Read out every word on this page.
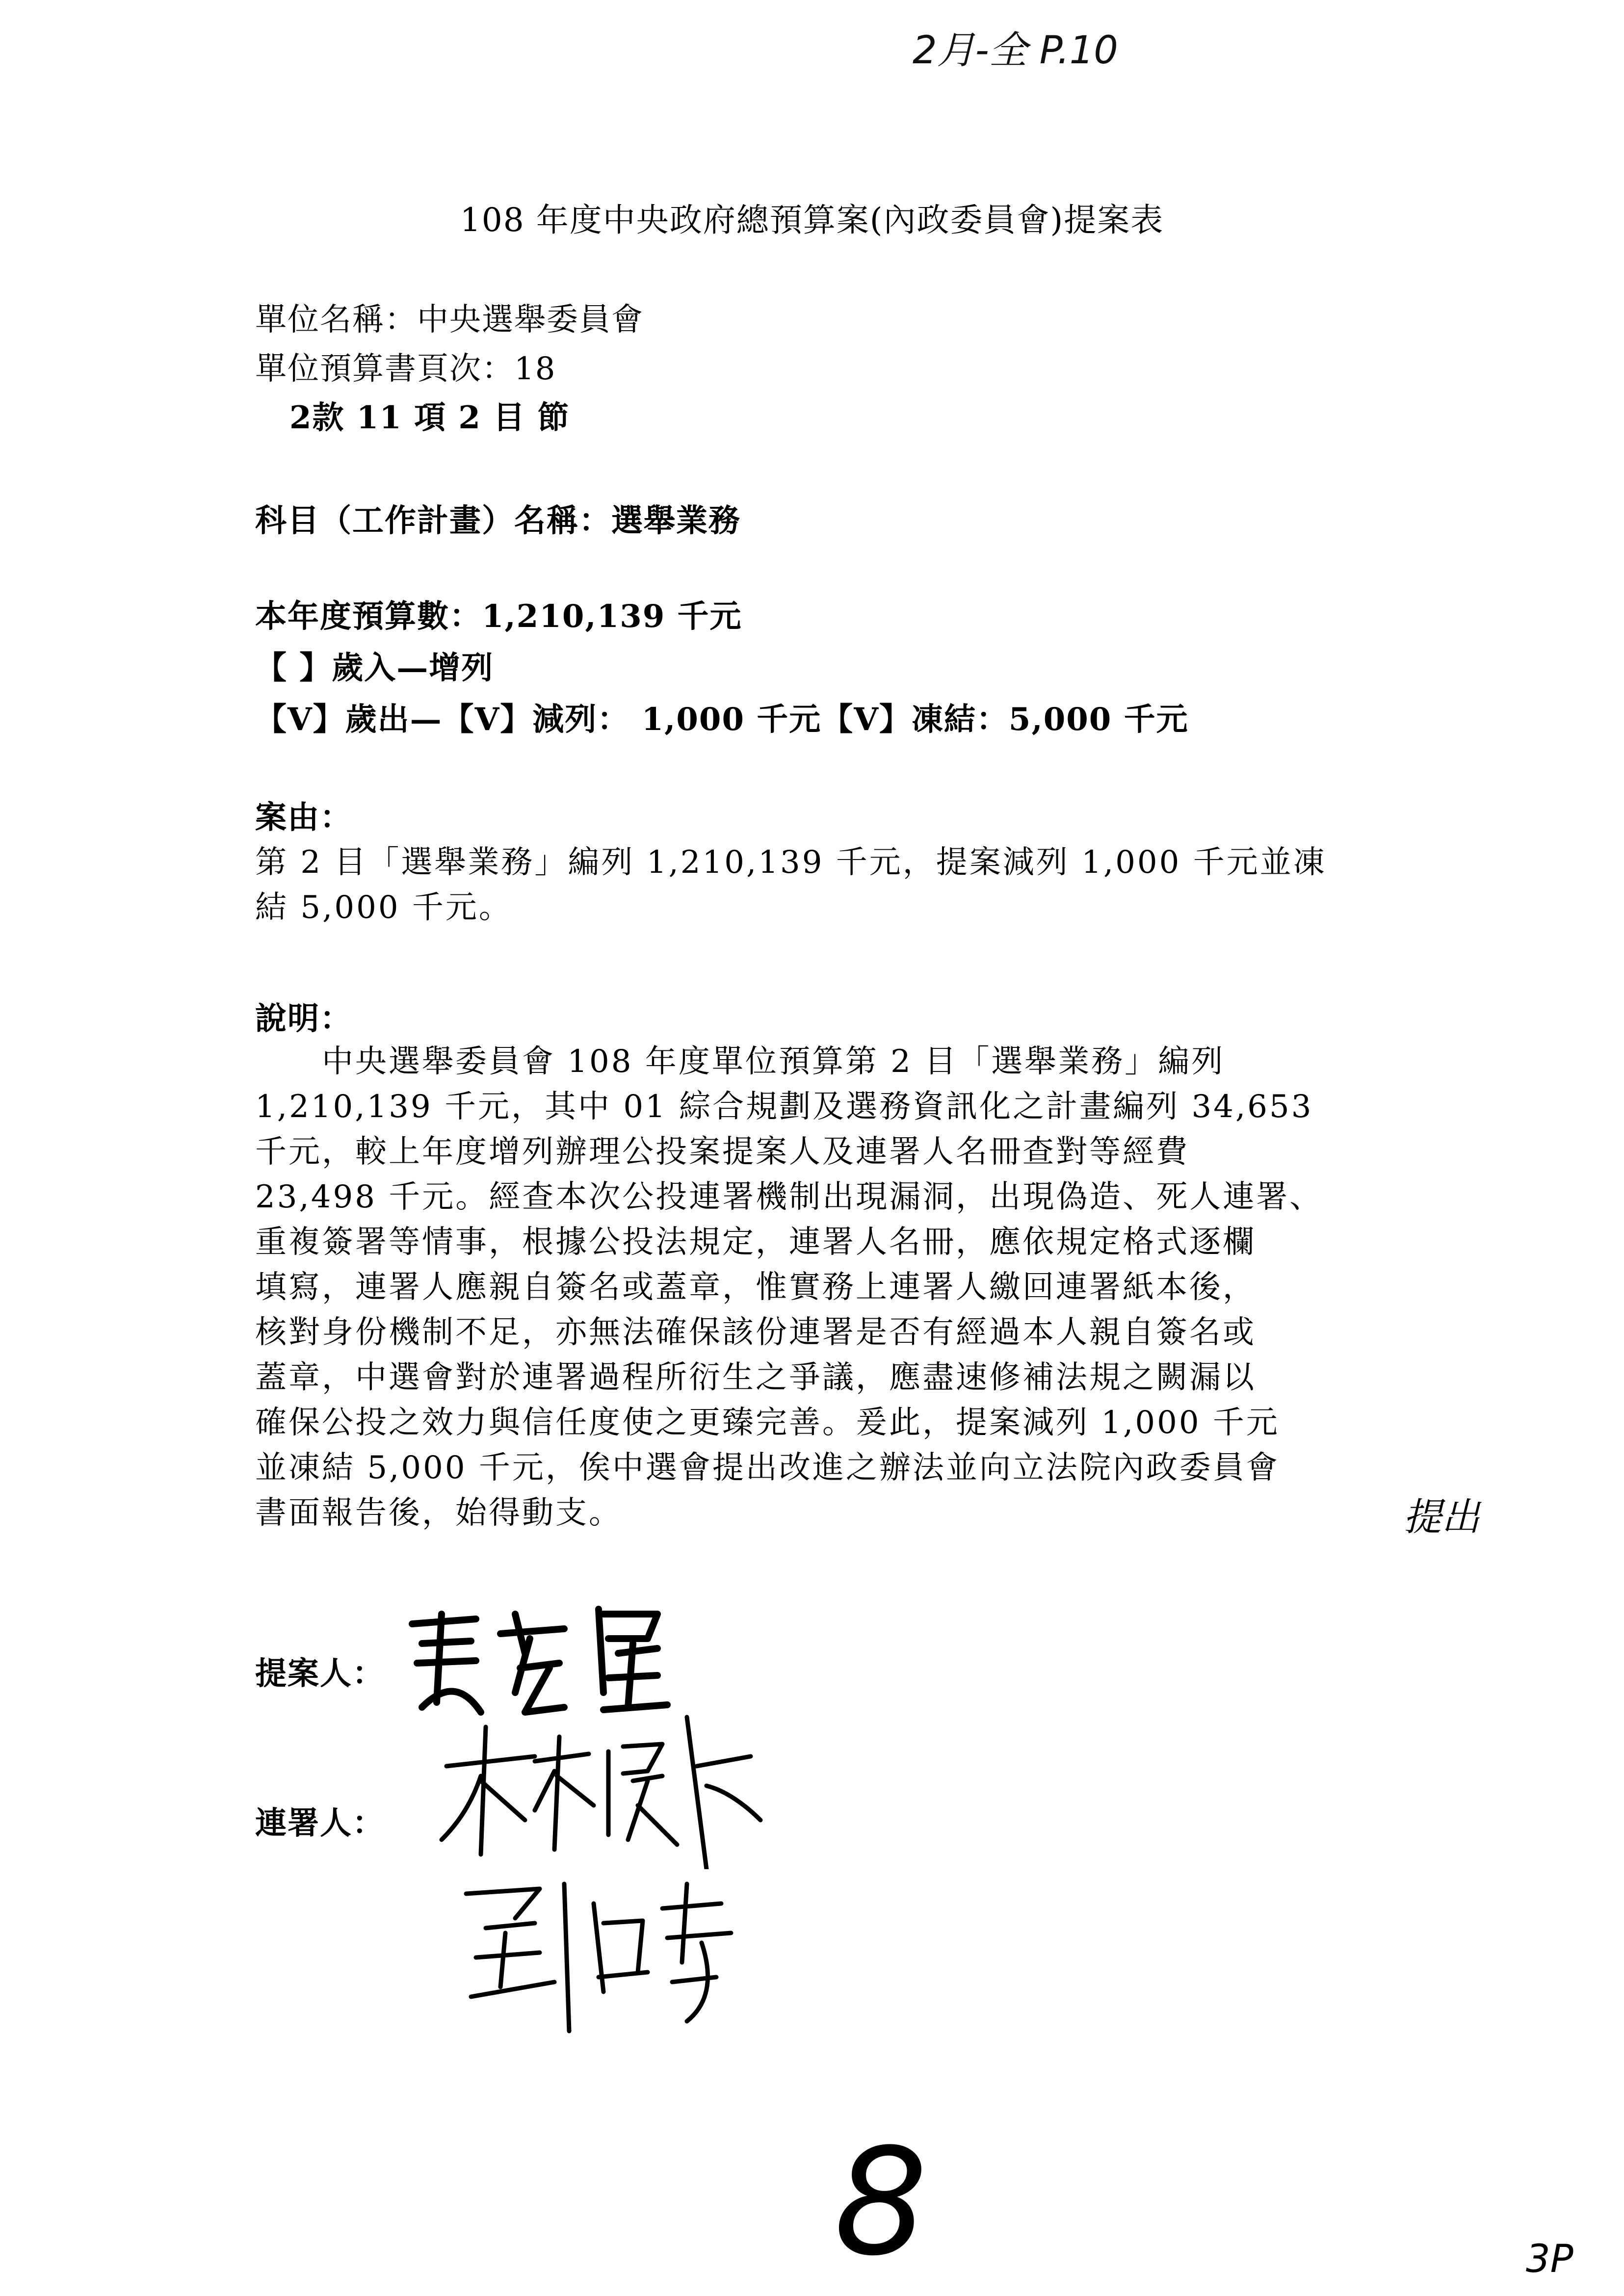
2月-全 P.10
108 年度中央政府總預算案(內政委員會)提案表
單位名稱：中央選舉委員會
單位預算書頁次：18
2款 11 項 2 目 節
科目（工作計畫）名稱：選舉業務
本年度預算數：1,210,139 千元
【 】歲入—增列
【V】歲出—【V】減列： 1,000 千元【V】凍結：5,000 千元
案由：
第 2 目「選舉業務」編列 1,210,139 千元，提案減列 1,000 千元並凍
結 5,000 千元。
說明：
　　中央選舉委員會 108 年度單位預算第 2 目「選舉業務」編列
1,210,139 千元，其中 01 綜合規劃及選務資訊化之計畫編列 34,653
千元，較上年度增列辦理公投案提案人及連署人名冊查對等經費
23,498 千元。經查本次公投連署機制出現漏洞，出現偽造、死人連署、
重複簽署等情事，根據公投法規定，連署人名冊，應依規定格式逐欄
填寫，連署人應親自簽名或蓋章，惟實務上連署人繳回連署紙本後，
核對身份機制不足，亦無法確保該份連署是否有經過本人親自簽名或
蓋章，中選會對於連署過程所衍生之爭議，應盡速修補法規之闕漏以
確保公投之效力與信任度使之更臻完善。爰此，提案減列 1,000 千元
並凍結 5,000 千元，俟中選會提出改進之辦法並向立法院內政委員會
書面報告後，始得動支。	提出
提案人：
連署人：
8	3P
